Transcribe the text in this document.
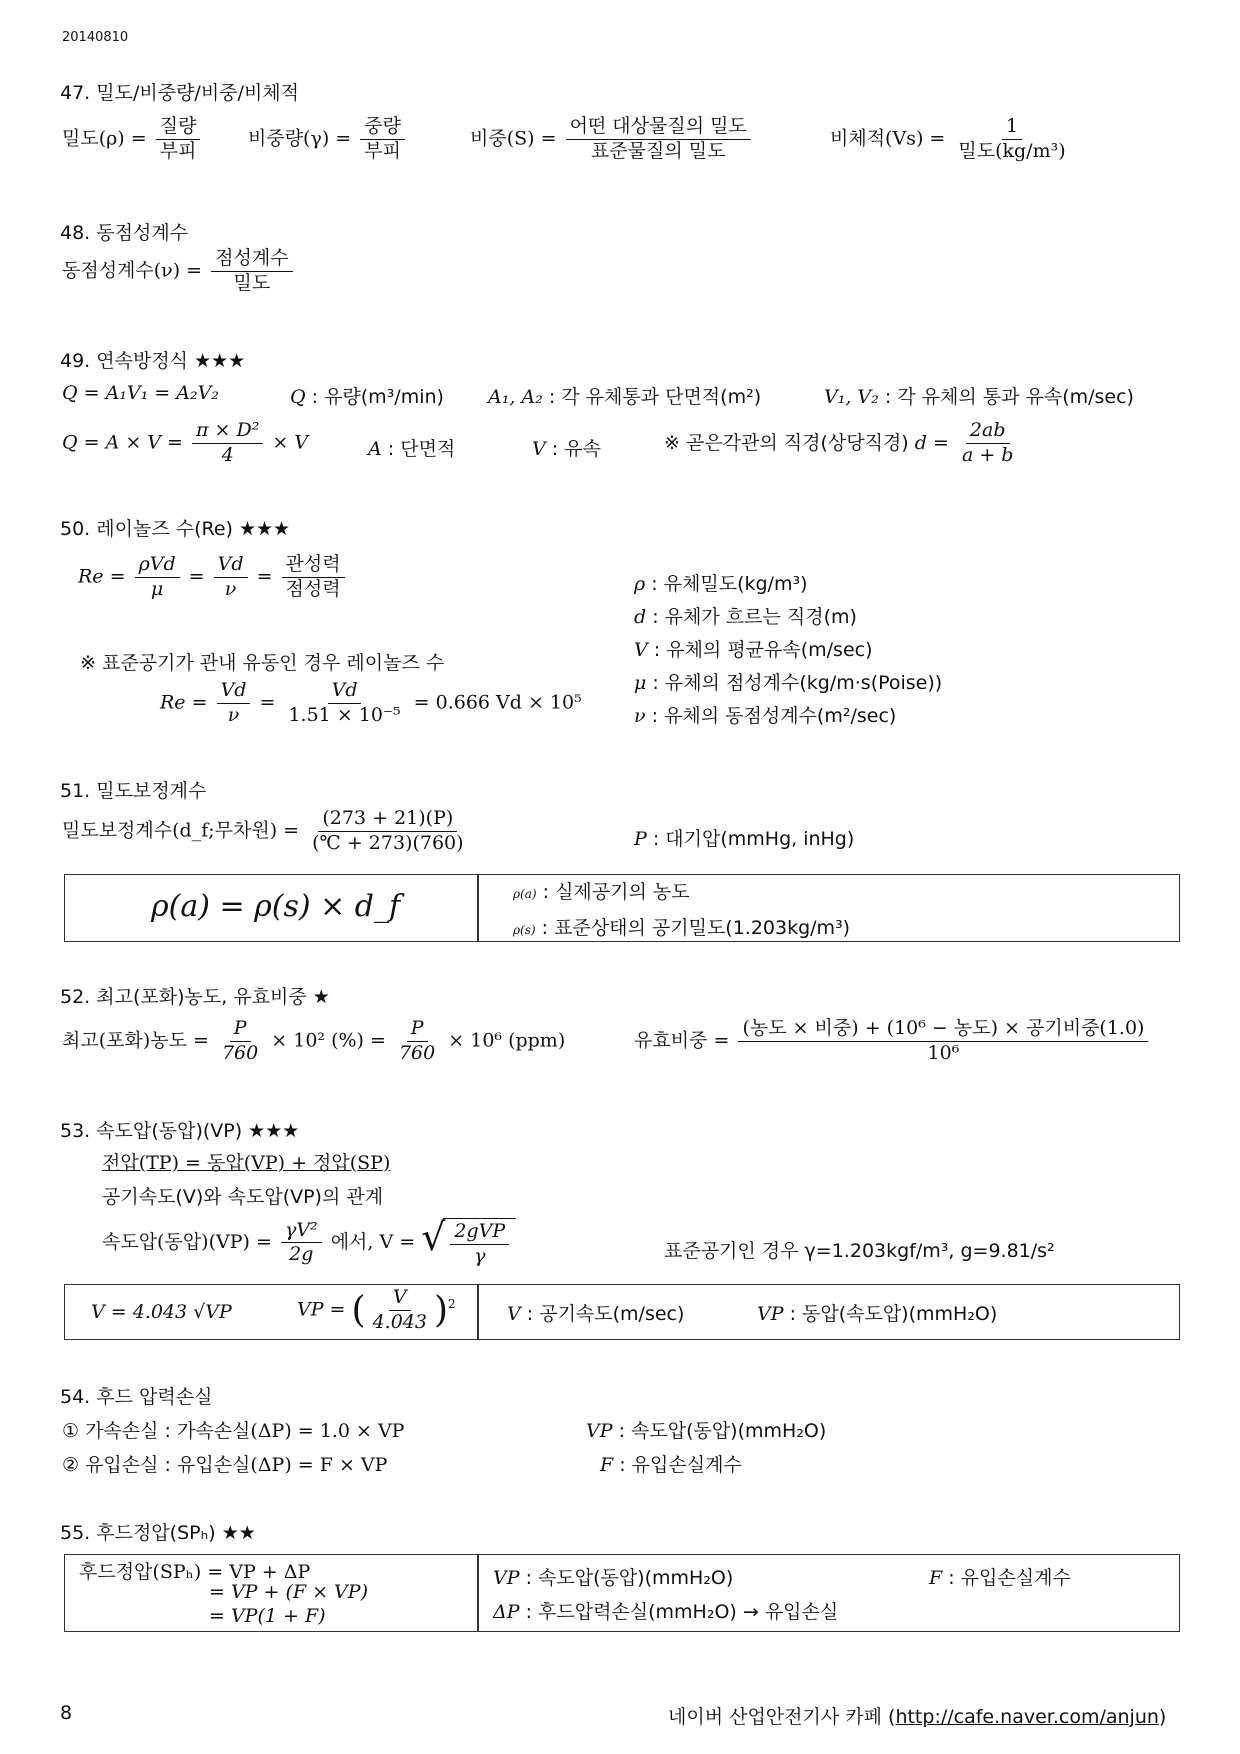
20140810
47. 밀도/비중량/비중/비체적
밀도$(\rho) = \frac{\text{질량}}{\text{부피}}$	비중량$(\gamma) = \frac{\text{중량}}{\text{부피}}$	비중$(S) = \frac{\text{어떤 대상물질의 밀도}}{\text{표준물질의 밀도}}$	비체적$(Vs) = \frac{1}{\text{밀도(kg/m³)}}$
48. 동점성계수
동점성계수$(\nu) = \frac{\text{점성계수}}{\text{밀도}}$
49. 연속방정식 ★★★
Q = A₁V₁ = A₂V₂	Q : 유량(m³/min) A₁, A₂ : 각 유체통과 단면적(m²)	V₁, V₂ : 각 유체의 통과 유속(m/sec)
$Q = A \times V = \frac{\text{π × D²}}{4} \times V$	A : 단면적	V : 유속	※ 곧은각관의 직경(상당직경) $d = \frac{2ab}{a + b}$
50. 레이놀즈 수(Re) ★★★
$Re = \frac{\text{ρVd}}{\mu} = \frac{Vd}{\nu} = \frac{\text{관성력}}{\text{점성력}}$
※ 표준공기가 관내 유동인 경우 레이놀즈 수
$Re = \frac{Vd}{\nu} = \frac{Vd}{\text{1.51 × 10⁻⁵}} = 0.666$ Vd × 10⁵
ρ : 유체밀도(kg/m³)
d : 유체가 흐르는 직경(m)
V : 유체의 평균유속(m/sec)
μ : 유체의 점성계수(kg/m·s(Poise))
ν : 유체의 동점성계수(m²/sec)
51. 밀도보정계수
밀도보정계수(d_f;무차원) = $\frac{(273 + 21)(P)}{(℃ + 273)(760)}$	P : 대기압(mmHg, inHg)
ρ(a) = ρ(s) × d_f	ρ(a) : 실제공기의 농도
ρ(s) : 표준상태의 공기밀도(1.203kg/m³)
52. 최고(포화)농도, 유효비중 ★
최고(포화)농도 = $\frac{P}{760} \times 10^2$ (%) = $\frac{P}{760} \times 10^6$ (ppm)	유효비중 = $\frac{\text{(농도 × 비중) + (10⁶ − 농도) × 공기비중(1.0)}}{\text{10⁶}}$
53. 속도압(동압)(VP) ★★★
전압(TP) = 동압(VP) + 정압(SP)
공기속도(V)와 속도압(VP)의 관계
속도압(동압)$(VP) = \frac{\text{γV²}}{2g}$ 에서, V = √ $\frac{\text{2gVP}}{\gamma}$	표준공기인 경우 γ=1.203kgf/m³, g=9.81/s²
V = 4.043 √VP	VP = ( $\frac{V}{4.043} )^2$	V : 공기속도(m/sec)	VP : 동압(속도압)(mmH₂O)
54. 후드 압력손실
① 가속손실 : 가속손실(ΔP) = 1.0 × VP
② 유입손실 : 유입손실(ΔP) = F × VP
VP : 속도압(동압)(mmH₂O)
F : 유입손실계수
55. 후드정압(SPₕ) ★★
후드정압(SPₕ) = VP + ΔP
= VP + (F × VP)
= VP(1 + F)
VP : 속도압(동압)(mmH₂O)	F : 유입손실계수
ΔP : 후드압력손실(mmH₂O) → 유입손실
8	네이버 산업안전기사 카페 (http://cafe.naver.com/anjun)
